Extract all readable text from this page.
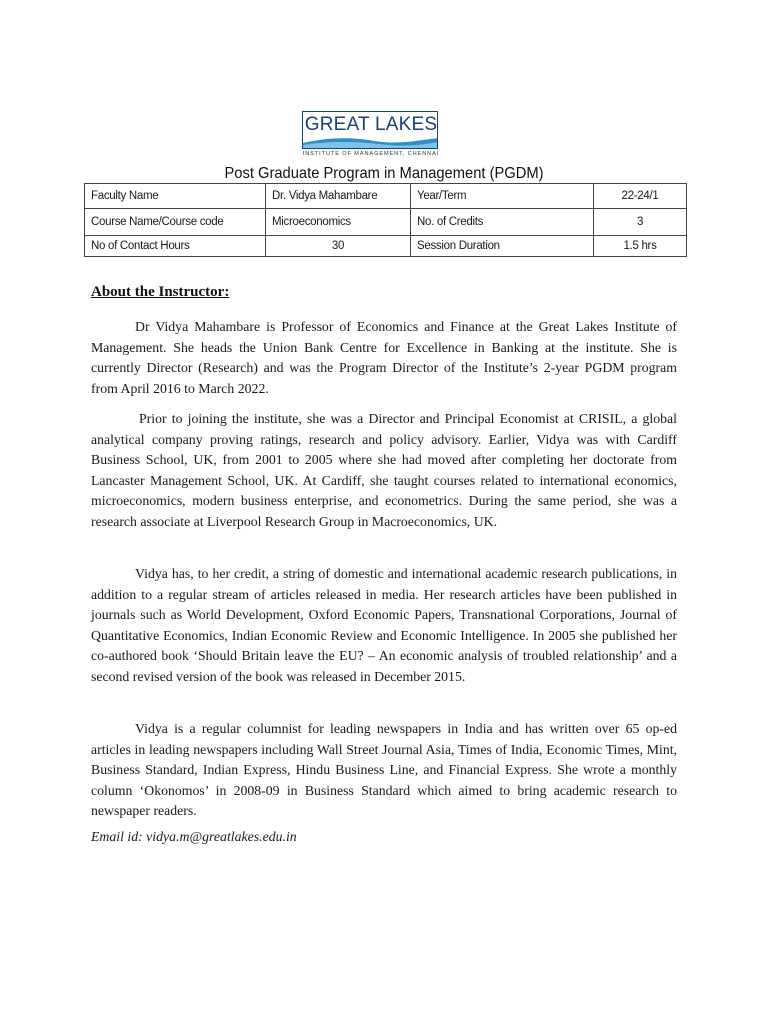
GREAT LAKES
INSTITUTE OF MANAGEMENT, CHENNAI
Post Graduate Program in Management (PGDM)
Faculty Name	Dr. Vidya Mahambare	Year/Term	22-24/1
Course Name/Course code	Microeconomics	No. of Credits	3
No of Contact Hours	30	Session Duration	1.5 hrs
About the Instructor:

Dr Vidya Mahambare is Professor of Economics and Finance at the Great Lakes Institute of Management. She heads the Union Bank Centre for Excellence in Banking at the institute. She is currently Director (Research) and was the Program Director of the Institute’s 2-year PGDM program from April 2016 to March 2022.

Prior to joining the institute, she was a Director and Principal Economist at CRISIL, a global analytical company proving ratings, research and policy advisory. Earlier, Vidya was with Cardiff Business School, UK, from 2001 to 2005 where she had moved after completing her doctorate from Lancaster Management School, UK. At Cardiff, she taught courses related to international economics, microeconomics, modern business enterprise, and econometrics. During the same period, she was a research associate at Liverpool Research Group in Macroeconomics, UK.

Vidya has, to her credit, a string of domestic and international academic research publications, in addition to a regular stream of articles released in media. Her research articles have been published in journals such as World Development, Oxford Economic Papers, Transnational Corporations, Journal of Quantitative Economics, Indian Economic Review and Economic Intelligence. In 2005 she published her co-authored book ‘Should Britain leave the EU? – An economic analysis of troubled relationship’ and a second revised version of the book was released in December 2015.

Vidya is a regular columnist for leading newspapers in India and has written over 65 op-ed articles in leading newspapers including Wall Street Journal Asia, Times of India, Economic Times, Mint, Business Standard, Indian Express, Hindu Business Line, and Financial Express. She wrote a monthly column ‘Okonomos’ in 2008-09 in Business Standard which aimed to bring academic research to newspaper readers.

Email id: vidya.m@greatlakes.edu.in
